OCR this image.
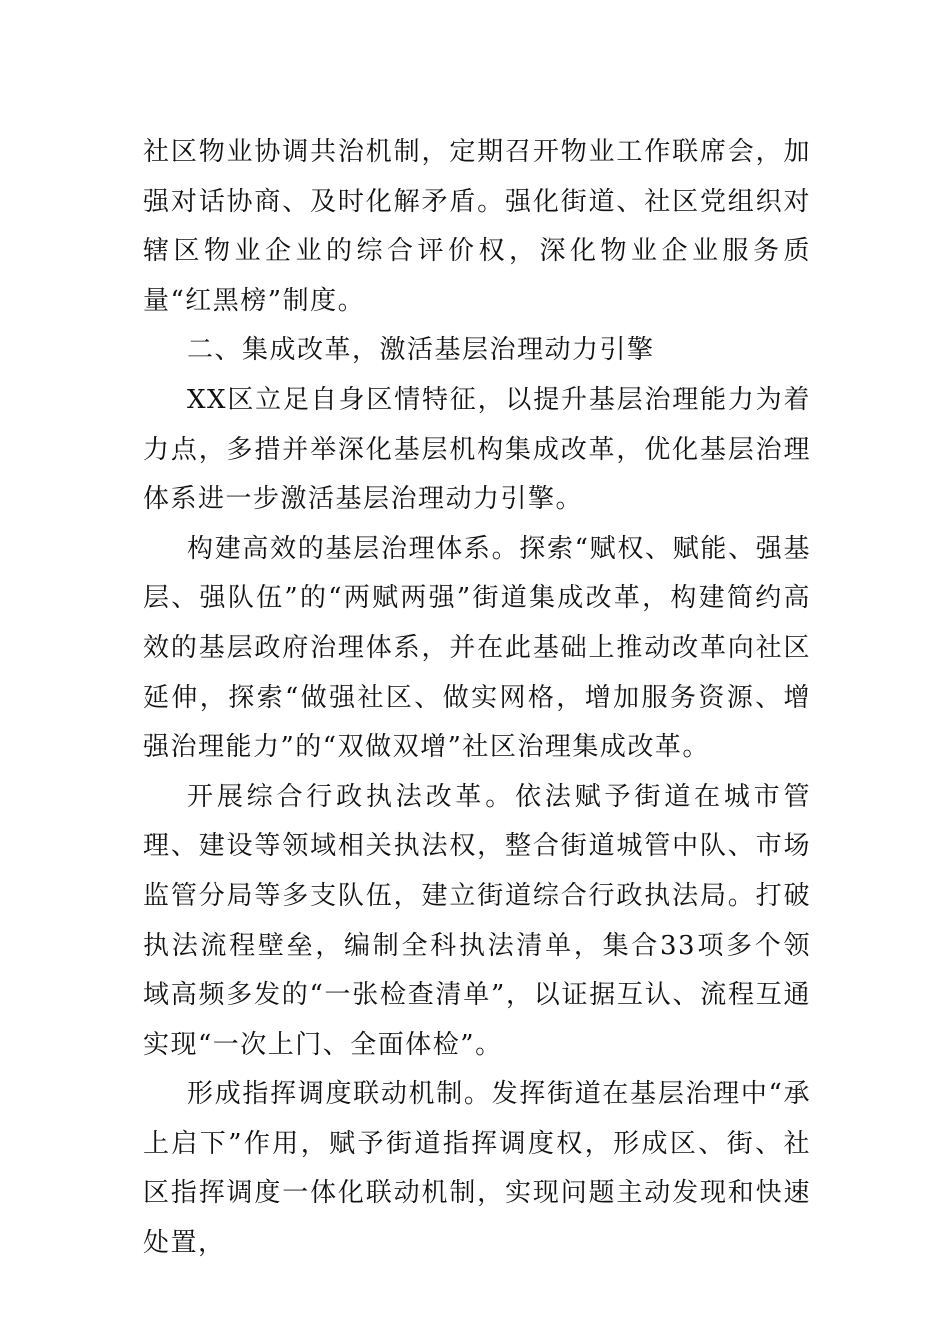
社区物业协调共治机制，定期召开物业工作联席会，加强对话协商、及时化解矛盾。强化街道、社区党组织对辖区物业企业的综合评价权，深化物业企业服务质量“红黑榜”制度。

二、集成改革，激活基层治理动力引擎

XX区立足自身区情特征，以提升基层治理能力为着力点，多措并举深化基层机构集成改革，优化基层治理体系进一步激活基层治理动力引擎。

构建高效的基层治理体系。探索“赋权、赋能、强基层、强队伍”的“两赋两强”街道集成改革，构建简约高效的基层政府治理体系，并在此基础上推动改革向社区延伸，探索“做强社区、做实网格，增加服务资源、增强治理能力”的“双做双增”社区治理集成改革。

开展综合行政执法改革。依法赋予街道在城市管理、建设等领域相关执法权，整合街道城管中队、市场监管分局等多支队伍，建立街道综合行政执法局。打破执法流程壁垒，编制全科执法清单，集合33项多个领域高频多发的“一张检查清单”，以证据互认、流程互通实现“一次上门、全面体检”。

形成指挥调度联动机制。发挥街道在基层治理中“承上启下”作用，赋予街道指挥调度权，形成区、街、社区指挥调度一体化联动机制，实现问题主动发现和快速处置，
